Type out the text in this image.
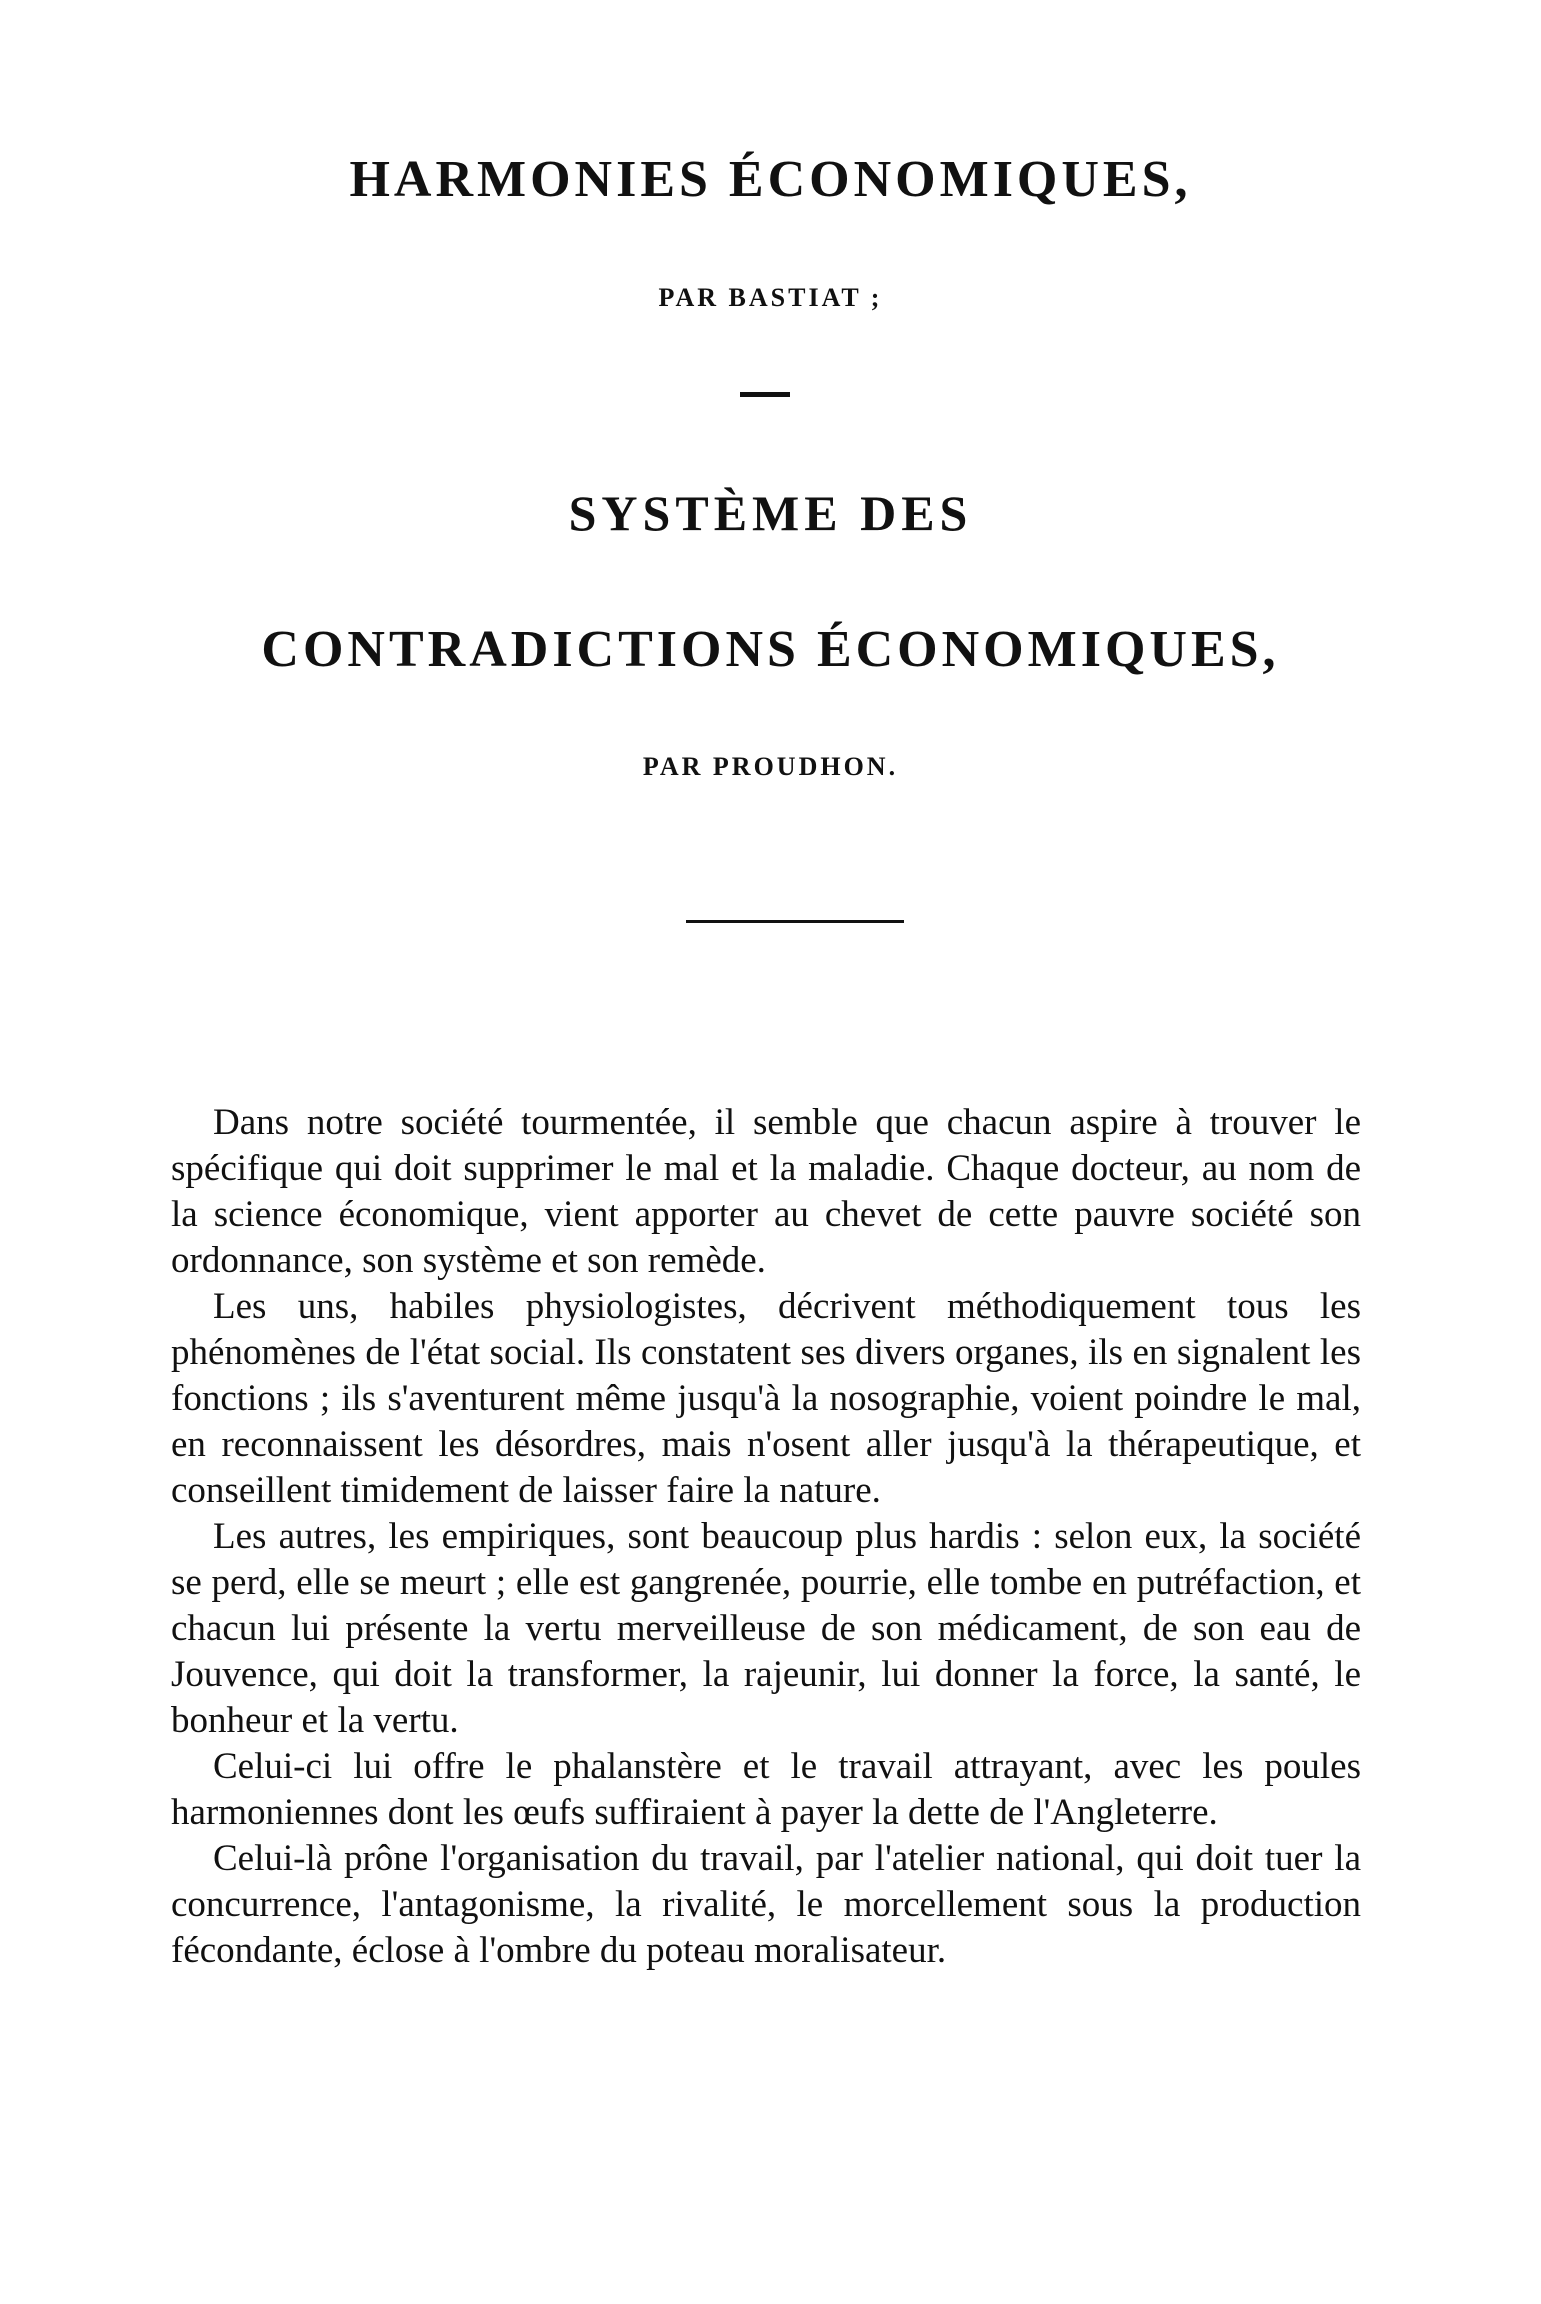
HARMONIES ÉCONOMIQUES,
PAR BASTIAT ;
SYSTÈME DES
CONTRADICTIONS ÉCONOMIQUES,
PAR PROUDHON.

Dans notre société tourmentée, il semble que chacun aspire à trouver le spécifique qui doit supprimer le mal et la maladie. Chaque docteur, au nom de la science économique, vient apporter au chevet de cette pauvre société son ordonnance, son système et son remède.

Les uns, habiles physiologistes, décrivent méthodiquement tous les phénomènes de l'état social. Ils constatent ses divers organes, ils en signalent les fonctions ; ils s'aventurent même jusqu'à la nosographie, voient poindre le mal, en reconnaissent les désordres, mais n'osent aller jusqu'à la thérapeutique, et conseillent timidement de laisser faire la nature.

Les autres, les empiriques, sont beaucoup plus hardis : selon eux, la société se perd, elle se meurt ; elle est gangrenée, pourrie, elle tombe en putréfaction, et chacun lui présente la vertu merveilleuse de son médicament, de son eau de Jouvence, qui doit la transformer, la rajeunir, lui donner la force, la santé, le bonheur et la vertu.

Celui-ci lui offre le phalanstère et le travail attrayant, avec les poules harmoniennes dont les œufs suffiraient à payer la dette de l'Angleterre.

Celui-là prône l'organisation du travail, par l'atelier national, qui doit tuer la concurrence, l'antagonisme, la rivalité, le morcellement sous la production fécondante, éclose à l'ombre du poteau moralisateur.
